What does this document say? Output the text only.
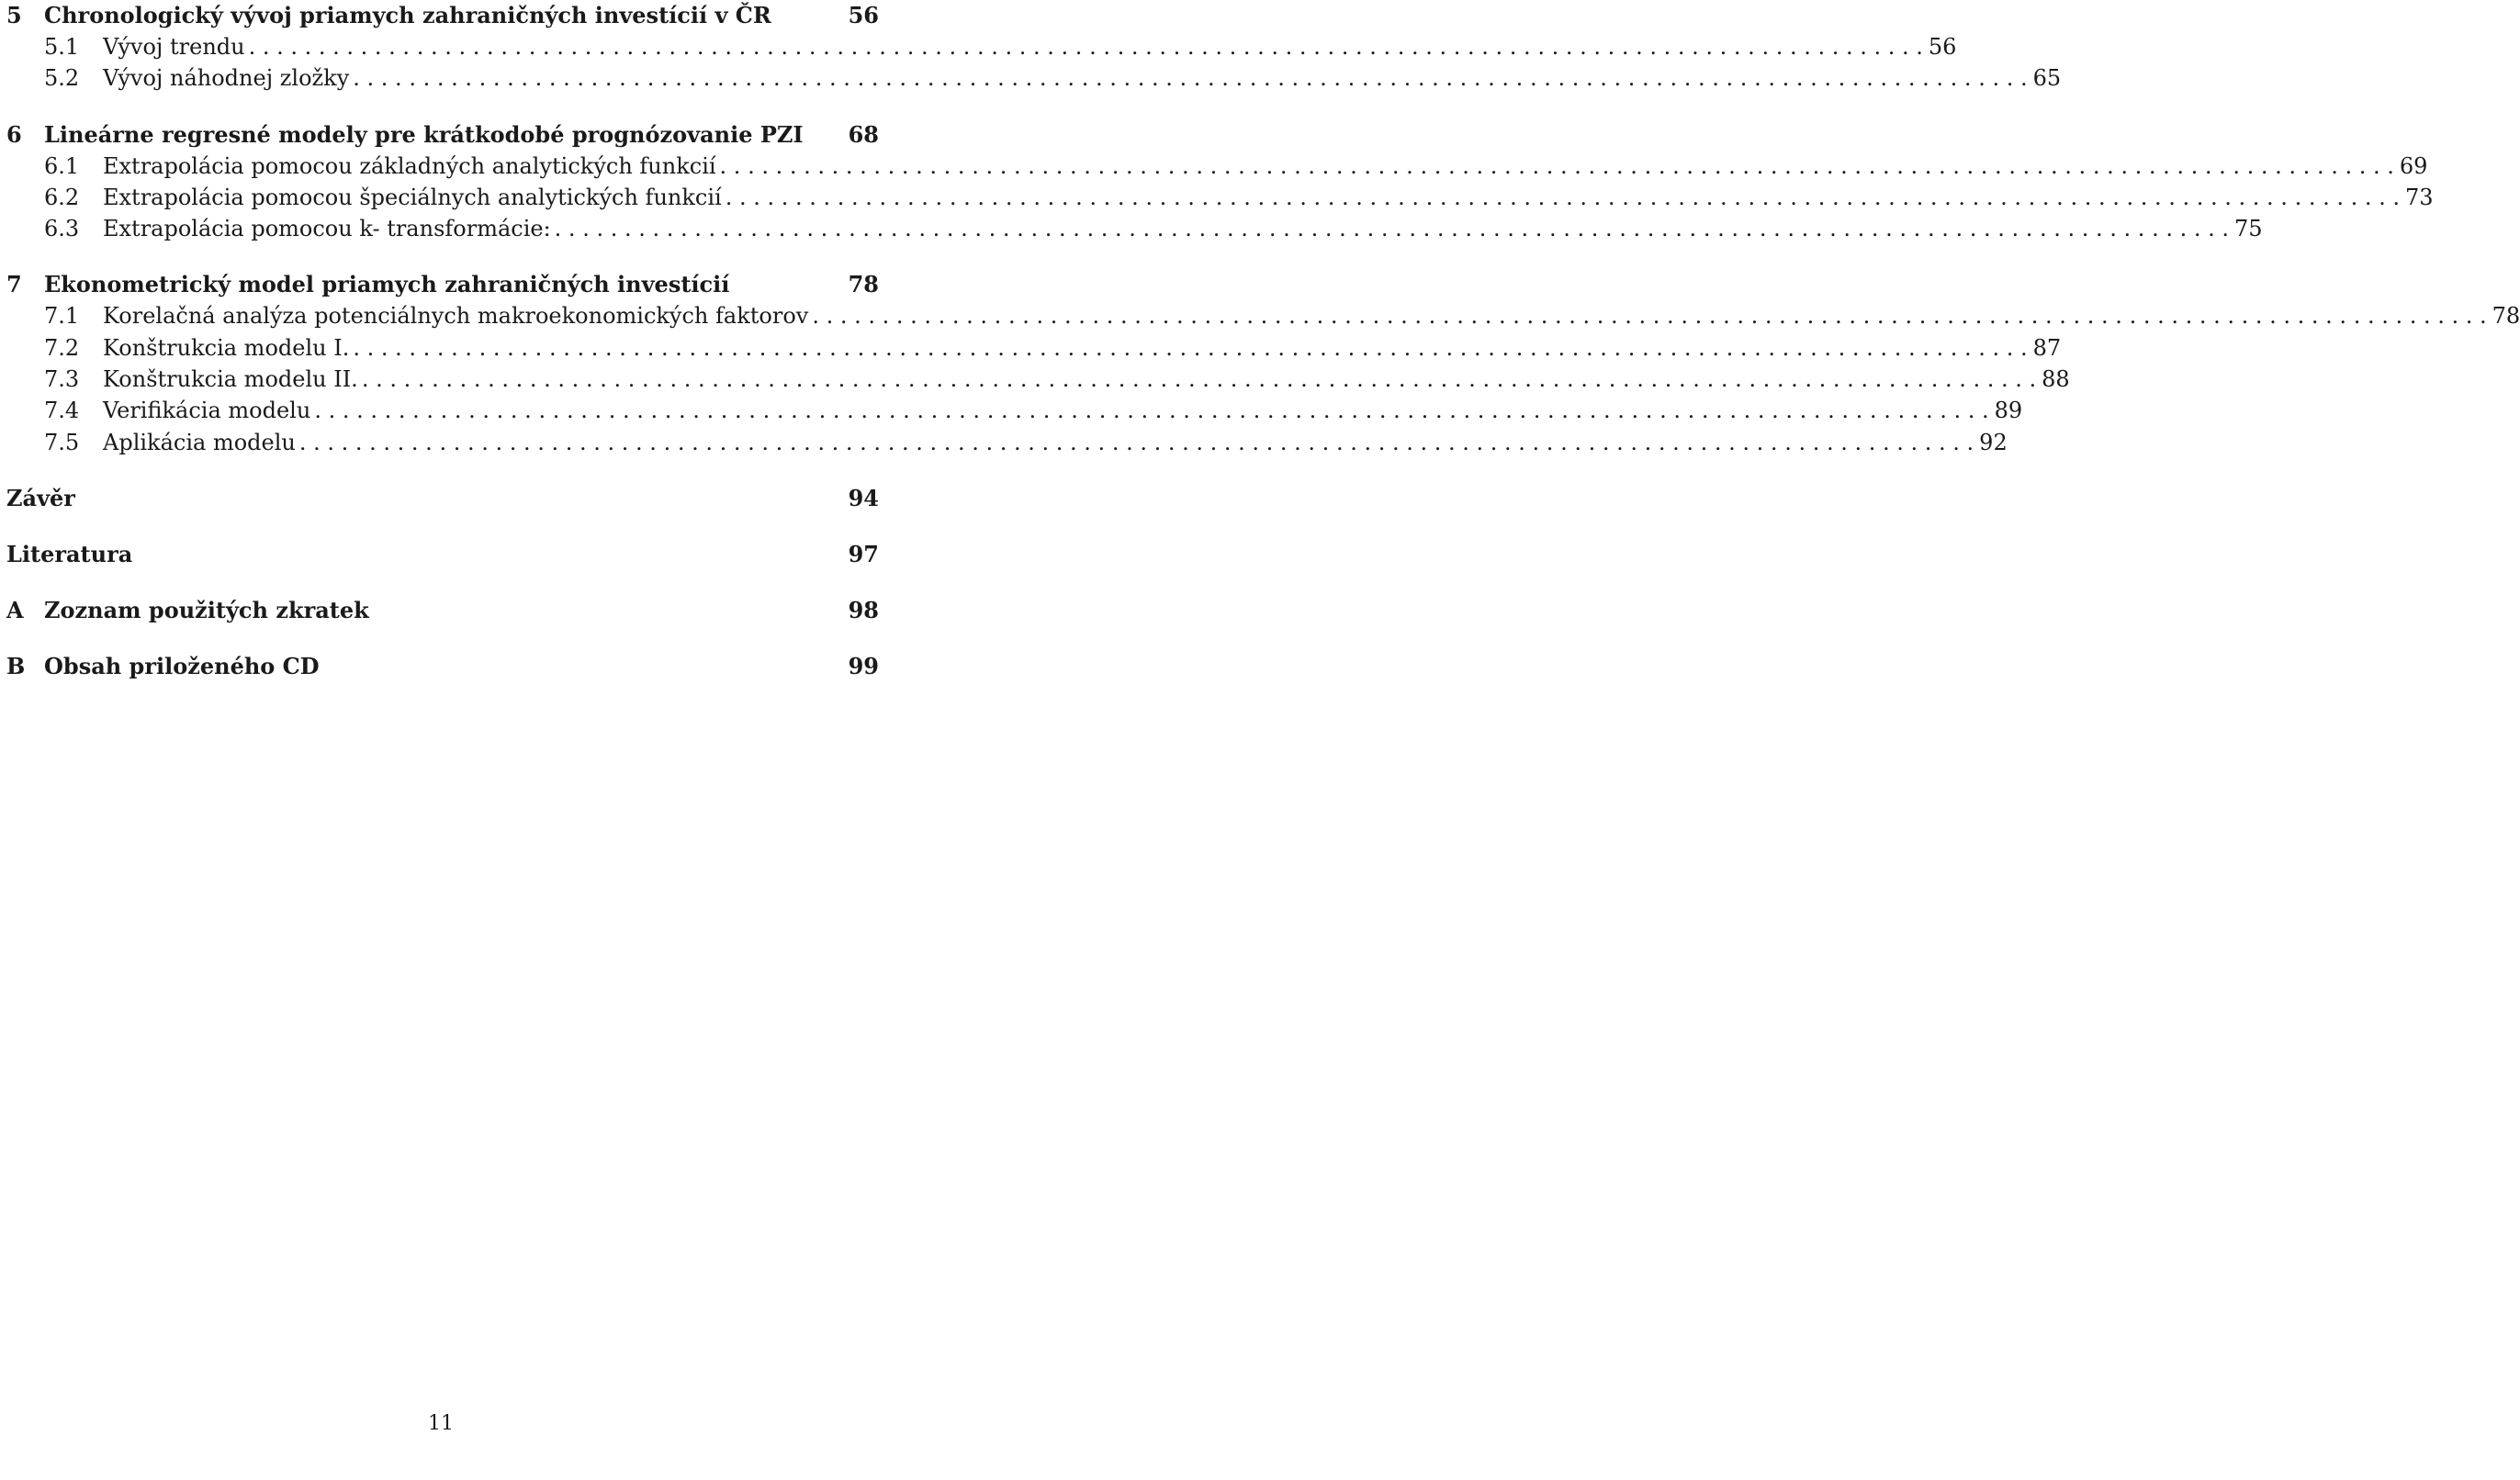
5	Chronologický vývoj priamych zahraničných investícií v ČR	56
5.1	Vývoj trendu . . . . . . . . . . . . . . . . . . . . . . . . . . . . . . . . . . . . . . . . . . . . . . . . . . . . . . . . . . . . . . . . . . . . . . . . . . . . . . . . . . . . . . . . . . . . . . . . . . . . . . . . . . . . . . . . . . . . . . . . 56
5.2	Vývoj náhodnej zložky . . . . . . . . . . . . . . . . . . . . . . . . . . . . . . . . . . . . . . . . . . . . . . . . . . . . . . . . . . . . . . . . . . . . . . . . . . . . . . . . . . . . . . . . . . . . . . . . . . . . . . . . . . . . . . . . . . . . . . . . 65
6	Lineárne regresné modely pre krátkodobé prognózovanie PZI	68
6.1	Extrapolácia pomocou základných analytických funkcií . . . . . . . . . . . . . . . . . . . . . . . . . . . . . . . . . . . . . . . . . . . . . . . . . . . . . . . . . . . . . . . . . . . . . . . . . . . . . . . . . . . . . . . . . . . . . . . . . . . . . . . . . . . . . . . . . . . . . . . . 69
6.2	Extrapolácia pomocou špeciálnych analytických funkcií . . . . . . . . . . . . . . . . . . . . . . . . . . . . . . . . . . . . . . . . . . . . . . . . . . . . . . . . . . . . . . . . . . . . . . . . . . . . . . . . . . . . . . . . . . . . . . . . . . . . . . . . . . . . . . . . . . . . . . . . 73
6.3	Extrapolácia pomocou k- transformácie: . . . . . . . . . . . . . . . . . . . . . . . . . . . . . . . . . . . . . . . . . . . . . . . . . . . . . . . . . . . . . . . . . . . . . . . . . . . . . . . . . . . . . . . . . . . . . . . . . . . . . . . . . . . . . . . . . . . . . . . . 75
7	Ekonometrický model priamych zahraničných investícií	78
7.1	Korelačná analýza potenciálnych makroekonomických faktorov . . . . . . . . . . . . . . . . . . . . . . . . . . . . . . . . . . . . . . . . . . . . . . . . . . . . . . . . . . . . . . . . . . . . . . . . . . . . . . . . . . . . . . . . . . . . . . . . . . . . . . . . . . . . . . . . . . . . . . . . 78
7.2	Konštrukcia modelu I. . . . . . . . . . . . . . . . . . . . . . . . . . . . . . . . . . . . . . . . . . . . . . . . . . . . . . . . . . . . . . . . . . . . . . . . . . . . . . . . . . . . . . . . . . . . . . . . . . . . . . . . . . . . . . . . . . . . . . . . . 87
7.3	Konštrukcia modelu II. . . . . . . . . . . . . . . . . . . . . . . . . . . . . . . . . . . . . . . . . . . . . . . . . . . . . . . . . . . . . . . . . . . . . . . . . . . . . . . . . . . . . . . . . . . . . . . . . . . . . . . . . . . . . . . . . . . . . . . . . 88
7.4	Verifikácia modelu . . . . . . . . . . . . . . . . . . . . . . . . . . . . . . . . . . . . . . . . . . . . . . . . . . . . . . . . . . . . . . . . . . . . . . . . . . . . . . . . . . . . . . . . . . . . . . . . . . . . . . . . . . . . . . . . . . . . . . . . 89
7.5	Aplikácia modelu . . . . . . . . . . . . . . . . . . . . . . . . . . . . . . . . . . . . . . . . . . . . . . . . . . . . . . . . . . . . . . . . . . . . . . . . . . . . . . . . . . . . . . . . . . . . . . . . . . . . . . . . . . . . . . . . . . . . . . . . 92
Závěr	94
Literatura	97
A Zoznam použitých zkratek	98
B Obsah priloženého CD	99
11
